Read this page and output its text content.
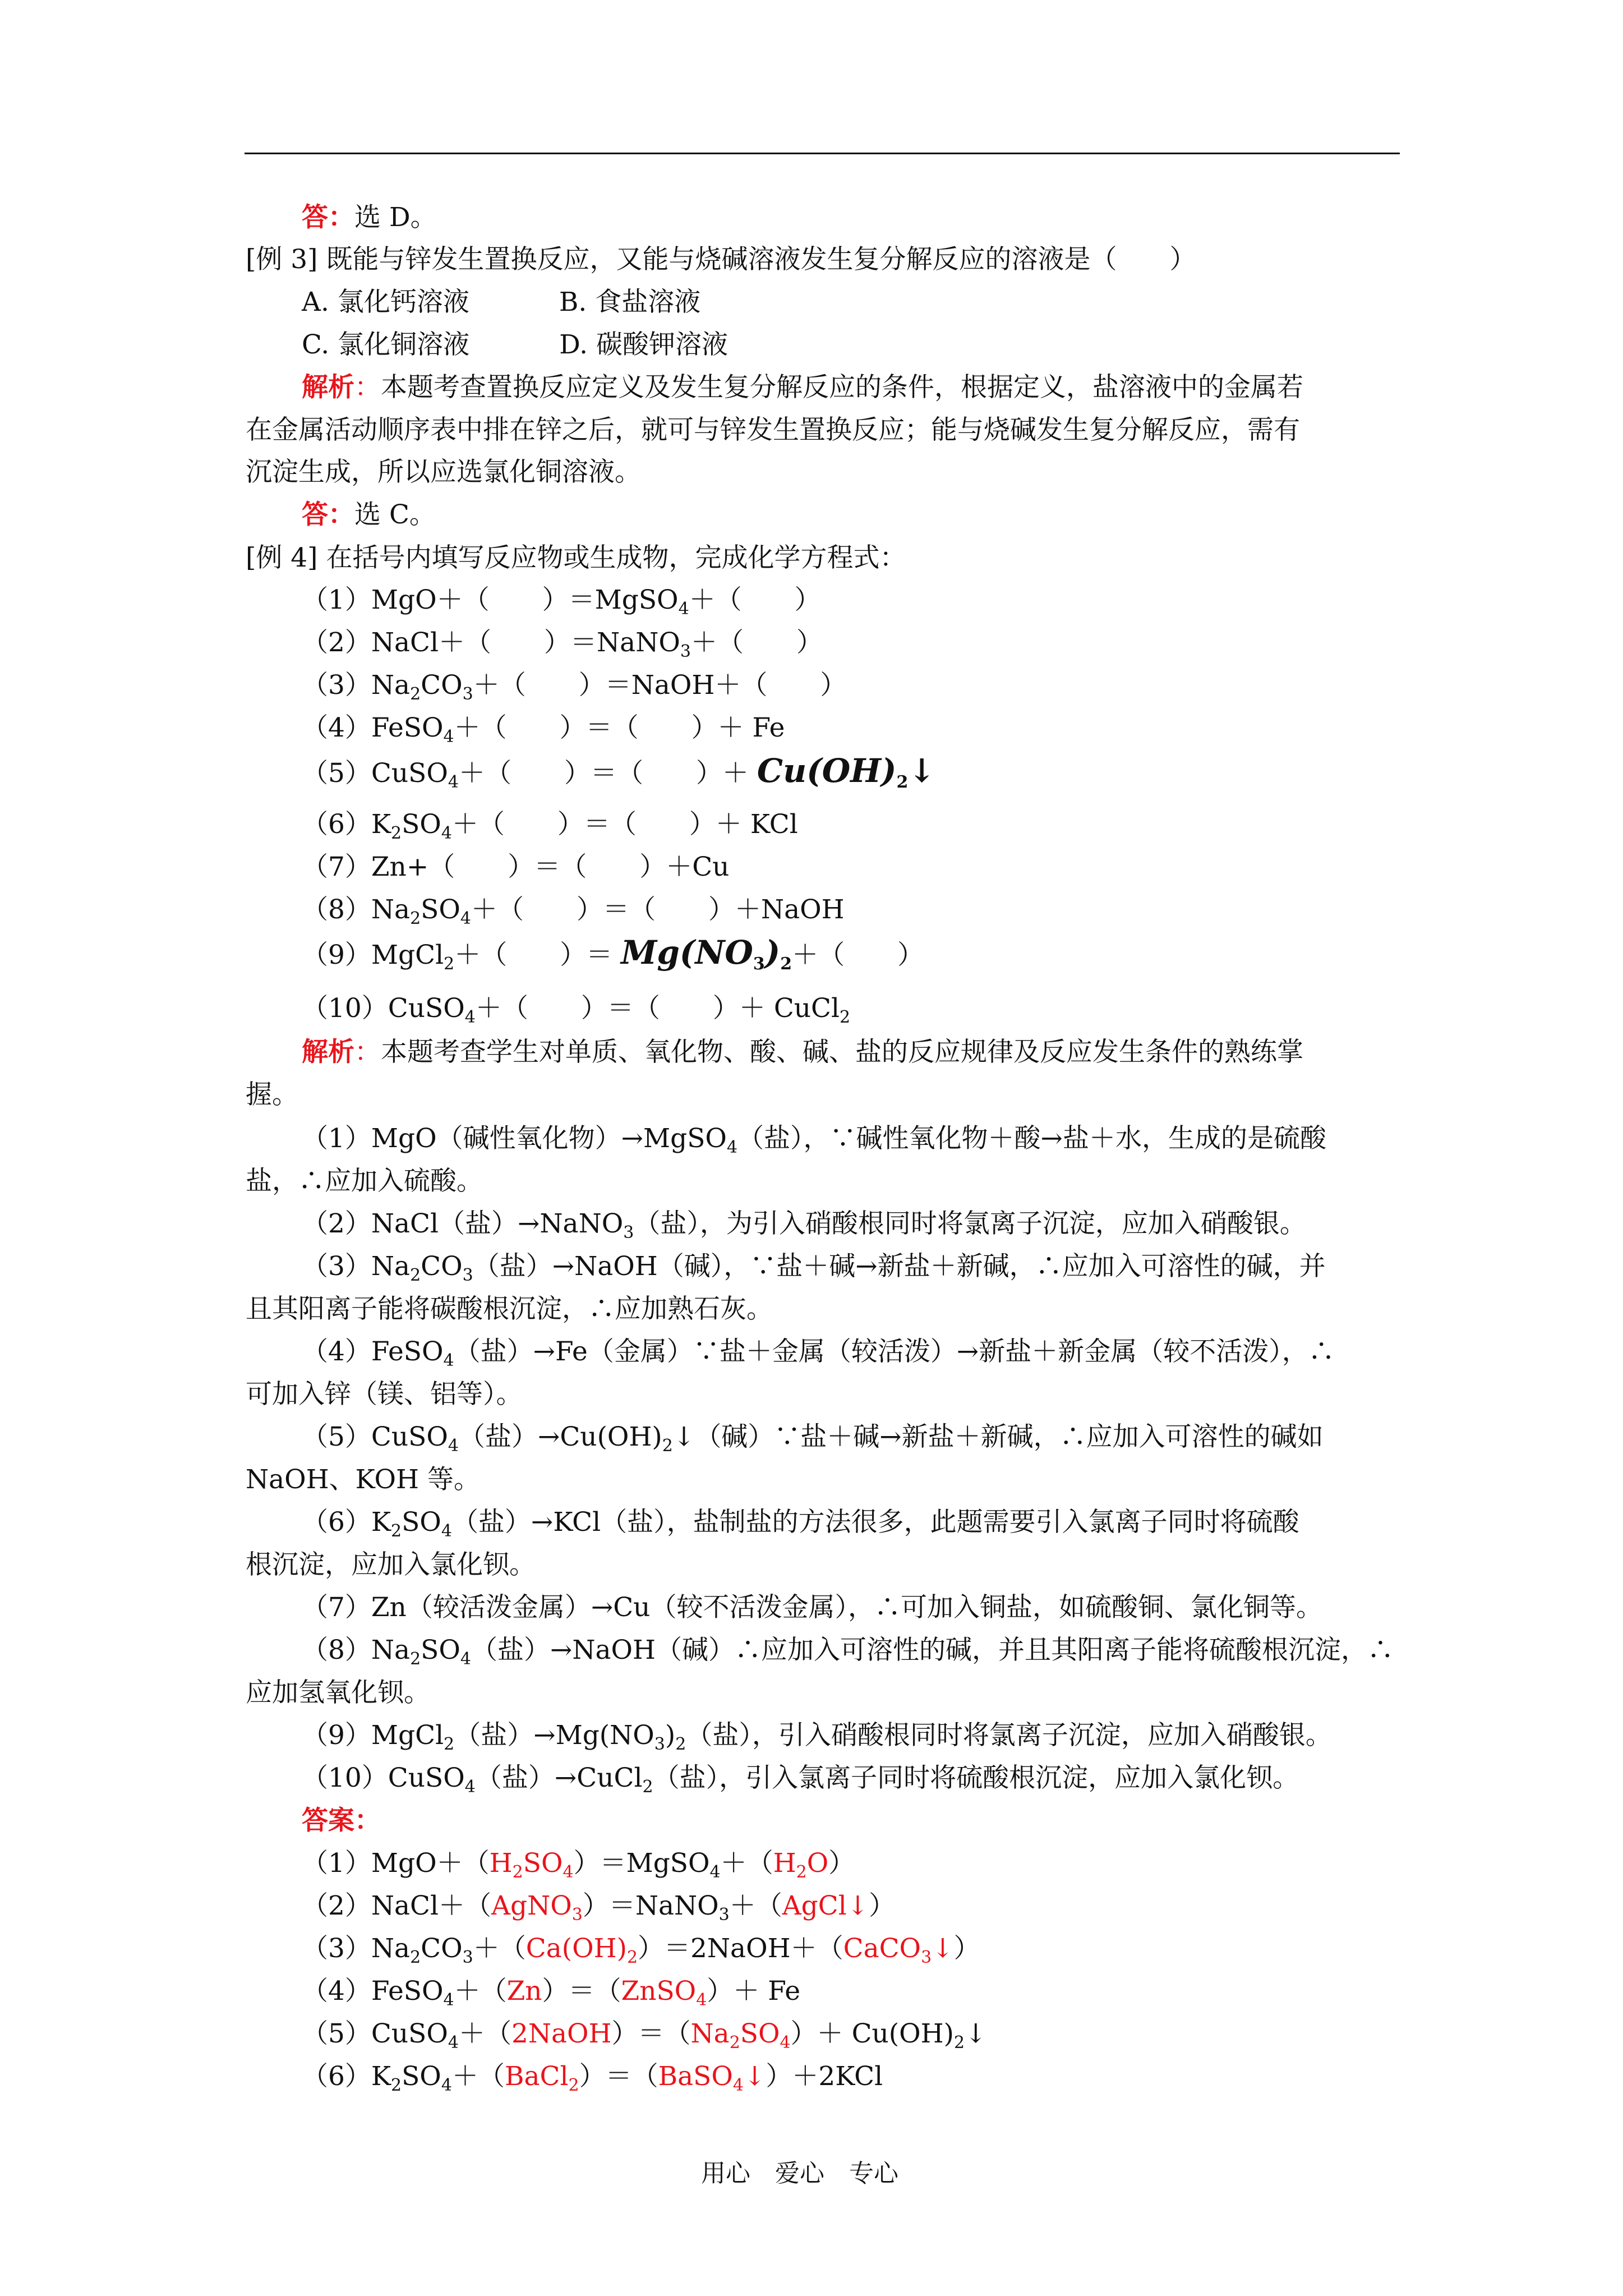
答：选 D。
[例 3] 既能与锌发生置换反应，又能与烧碱溶液发生复分解反应的溶液是（　　）
A. 氯化钙溶液	B. 食盐溶液
C. 氯化铜溶液	D. 碳酸钾溶液
解析：本题考查置换反应定义及发生复分解反应的条件，根据定义，盐溶液中的金属若
在金属活动顺序表中排在锌之后，就可与锌发生置换反应；能与烧碱发生复分解反应，需有
沉淀生成，所以应选氯化铜溶液。
答：选 C。
[例 4] 在括号内填写反应物或生成物，完成化学方程式：
（1）MgO＋（　　）＝MgSO$_4$＋（　　）
（2）NaCl＋（　　）＝NaNO$_3$＋（　　）
$(3)Na_2CO_3+$（　　）＝NaOH＋（　　）
（4）FeSO$_4$＋（　　）＝（　　）＋ Fe
（5）CuSO$_4$＋（　　）＝（　　）＋ $Cu(OH)_2↓$
$(6)K_2SO_4+$（　　）＝（　　）＋ KCl
（7）Zn+（　　）＝（　　）＋Cu
$(8)Na_2SO_4+$（　　）＝（　　）＋NaOH
（9）MgCl$_2$＋（　　）＝ $Mg(NO_3)_2+$（　　）
（10）CuSO$_4$＋（　　）＝（　　）＋ CuCl$_2$
解析：本题考查学生对单质、氧化物、酸、碱、盐的反应规律及反应发生条件的熟练掌
握。
（1）MgO（碱性氧化物）→MgSO$_4$（盐），∵碱性氧化物＋酸→盐＋水，生成的是硫酸
盐，∴应加入硫酸。
（2）NaCl（盐）→NaNO$_3$（盐），为引入硝酸根同时将氯离子沉淀，应加入硝酸银。
$(3)Na_2CO_3$（盐）→NaOH（碱），∵盐＋碱→新盐＋新碱，∴应加入可溶性的碱，并
且其阳离子能将碳酸根沉淀，∴应加熟石灰。
（4）FeSO$_4$（盐）→Fe（金属）∵盐＋金属（较活泼）→新盐＋新金属（较不活泼），∴
可加入锌（镁、铝等）。
（5）CuSO$_4$（盐）$\to Cu(OH)_2↓$（碱）∵盐＋碱→新盐＋新碱，∴应加入可溶性的碱如
NaOH、KOH 等。
$(6)K_2SO_4$（盐）→KCl（盐），盐制盐的方法很多，此题需要引入氯离子同时将硫酸
根沉淀，应加入氯化钡。
（7）Zn（较活泼金属）→Cu（较不活泼金属），∴可加入铜盐，如硫酸铜、氯化铜等。
$(8)Na_2SO_4$（盐）→NaOH（碱）∴应加入可溶性的碱，并且其阳离子能将硫酸根沉淀，∴
应加氢氧化钡。
（9）MgCl$_2$（盐）$\to Mg(NO_3)_2$（盐），引入硝酸根同时将氯离子沉淀，应加入硝酸银。
（10）CuSO$_4$（盐）→CuCl$_2$（盐），引入氯离子同时将硫酸根沉淀，应加入氯化钡。
答案：
$(1)MgO+(H_2SO_4)=MgSO_4+(H_2O)$
（2）NaCl＋（AgNO$_3$）＝NaNO$_3$＋（AgCl↓）
$(3)Na_2CO_3+(Ca(OH)_2)=2NaOH+(CaCO_3↓)$
（4）FeSO$_4$＋（Zn）＝（ZnSO$_4$）＋ Fe
$(5)CuSO_4+(2NaOH)=(Na_2SO_4)+$ $Cu(OH)_2↓$
$(6)K_2SO_4+(BaCl_2)=(BaSO_4↓)+2KCl$
用心　爱心　专心
